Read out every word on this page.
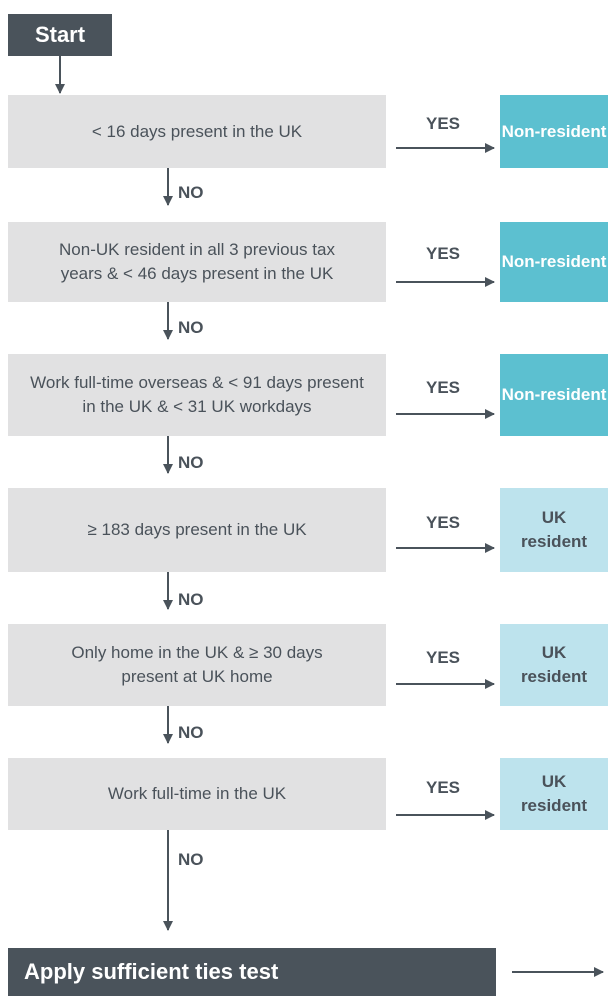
Start
< 16 days present in the UK	YES	Non-resident
NO
Non-UK resident in all 3 previous tax years & < 46 days present in the UK
YES	Non-resident
NO
Work full-time overseas & < 91 days present in the UK & < 31 UK workdays
YES	Non-resident
NO
≥ 183 days present in the UK	YES	UK resident
NO
Only home in the UK & ≥ 30 days present at UK home
YES	UK resident
NO
Work full-time in the UK	YES	UK resident
NO
Apply sufficient ties test
